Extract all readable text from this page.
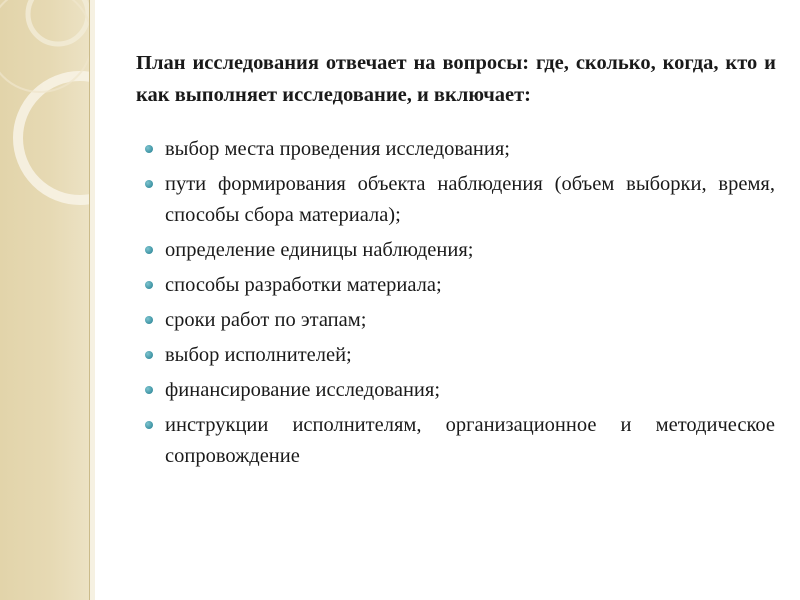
План исследования отвечает на вопросы: где, сколько, когда, кто и как выполняет исследование, и включает:
выбор места проведения исследования;
пути формирования объекта наблюдения (объем выборки, время, способы сбора материала);
определение единицы наблюдения;
способы разработки материала;
сроки работ по этапам;
выбор исполнителей;
финансирование исследования;
инструкции исполнителям, организационное и методическое сопровождение
